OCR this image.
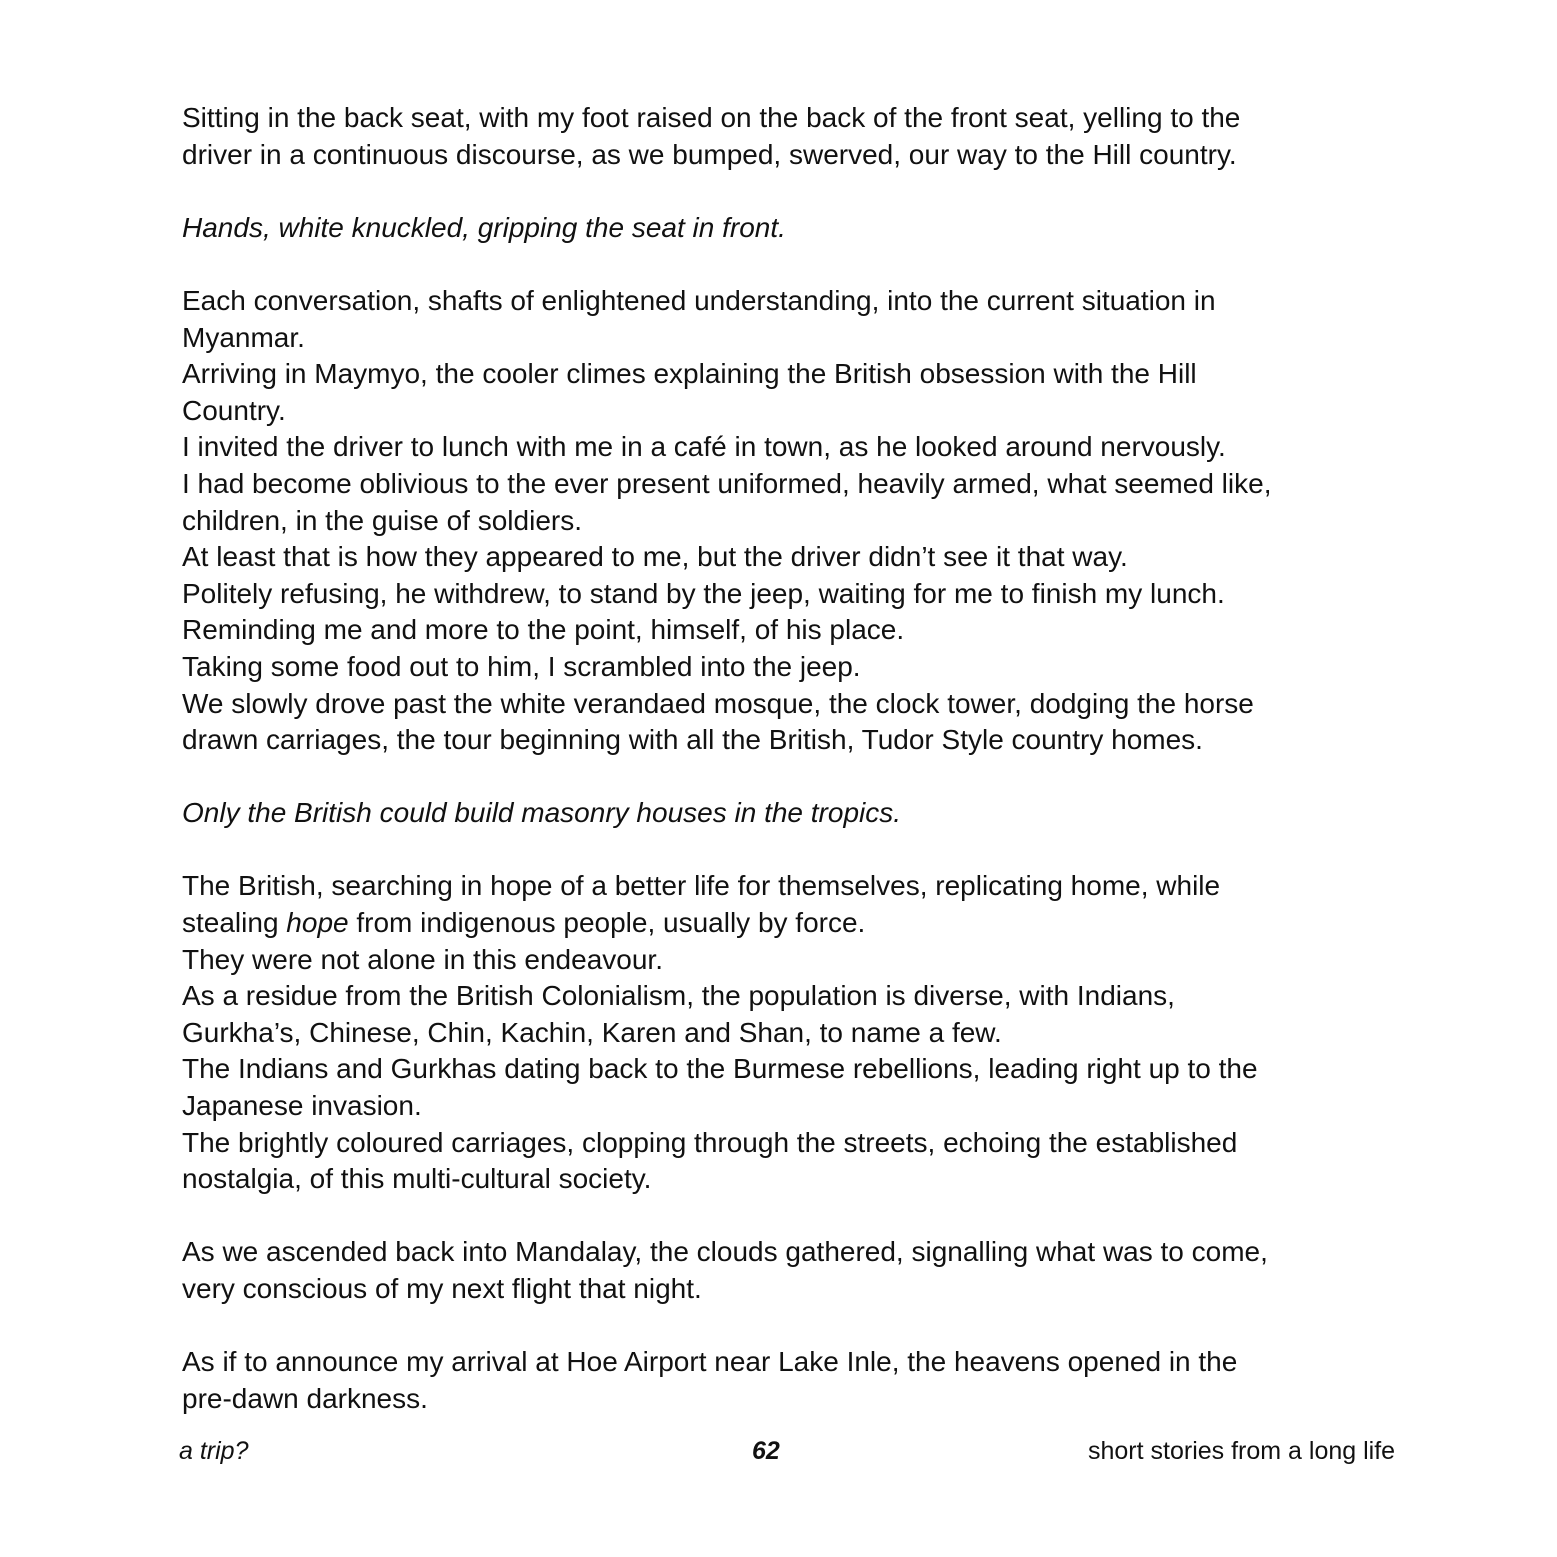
Sitting in the back seat, with my foot raised on the back of the front seat, yelling to the

driver in a continuous discourse, as we bumped, swerved, our way to the Hill country.

Hands, white knuckled, gripping the seat in front.

Each conversation, shafts of enlightened understanding, into the current situation in

Myanmar.

Arriving in Maymyo, the cooler climes explaining the British obsession with the Hill

Country.

I invited the driver to lunch with me in a café in town, as he looked around nervously.

I had become oblivious to the ever present uniformed, heavily armed, what seemed like,

children, in the guise of soldiers.

At least that is how they appeared to me, but the driver didn’t see it that way.

Politely refusing, he withdrew, to stand by the jeep, waiting for me to finish my lunch.

Reminding me and more to the point, himself, of his place.

Taking some food out to him, I scrambled into the jeep.

We slowly drove past the white verandaed mosque, the clock tower, dodging the horse

drawn carriages, the tour beginning with all the British, Tudor Style country homes.

Only the British could build masonry houses in the tropics.

The British, searching in hope of a better life for themselves, replicating home, while

stealing hope from indigenous people, usually by force.

They were not alone in this endeavour.

As a residue from the British Colonialism, the population is diverse, with Indians,

Gurkha’s, Chinese, Chin, Kachin, Karen and Shan, to name a few.

The Indians and Gurkhas dating back to the Burmese rebellions, leading right up to the

Japanese invasion.

The brightly coloured carriages, clopping through the streets, echoing the established

nostalgia, of this multi-cultural society.

As we ascended back into Mandalay, the clouds gathered, signalling what was to come,

very conscious of my next flight that night.

As if to announce my arrival at Hoe Airport near Lake Inle, the heavens opened in the

pre-dawn darkness.

a trip?	62	short stories from a long life
